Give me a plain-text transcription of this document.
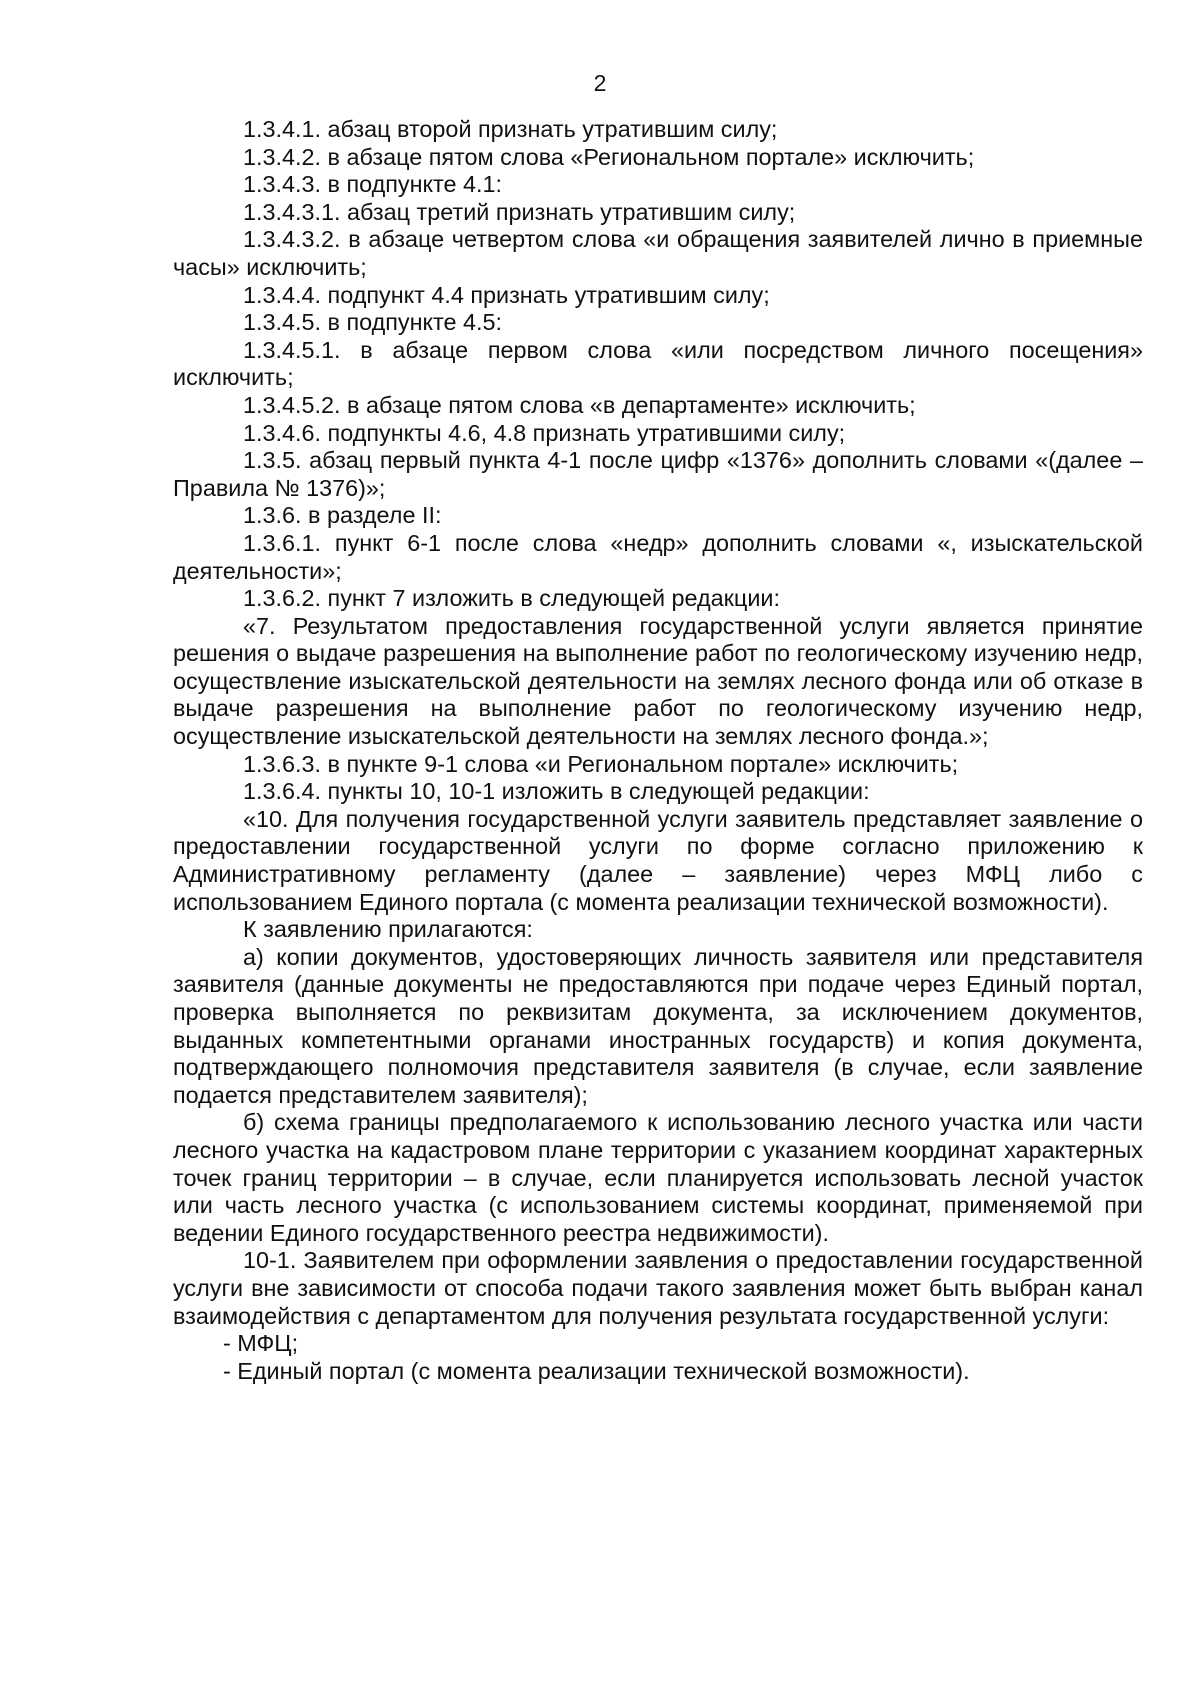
2

1.3.4.1. абзац второй признать утратившим силу;

1.3.4.2. в абзаце пятом слова «Региональном портале» исключить;

1.3.4.3. в подпункте 4.1:

1.3.4.3.1. абзац третий признать утратившим силу;

1.3.4.3.2. в абзаце четвертом слова «и обращения заявителей лично в приемные часы» исключить;

1.3.4.4. подпункт 4.4 признать утратившим силу;

1.3.4.5. в подпункте 4.5:

1.3.4.5.1. в абзаце первом слова «или посредством личного посещения» исключить;

1.3.4.5.2. в абзаце пятом слова «в департаменте» исключить;

1.3.4.6. подпункты 4.6, 4.8 признать утратившими силу;

1.3.5. абзац первый пункта 4-1 после цифр «1376» дополнить словами «(далее – Правила № 1376)»;

1.3.6. в разделе II:

1.3.6.1. пункт 6-1 после слова «недр» дополнить словами «, изыскательской деятельности»;

1.3.6.2. пункт 7 изложить в следующей редакции:

«7. Результатом предоставления государственной услуги является принятие решения о выдаче разрешения на выполнение работ по геологическому изучению недр, осуществление изыскательской деятельности на землях лесного фонда или об отказе в выдаче разрешения на выполнение работ по геологическому изучению недр, осуществление изыскательской деятельности на землях лесного фонда.»;

1.3.6.3. в пункте 9-1 слова «и Региональном портале» исключить;

1.3.6.4. пункты 10, 10-1 изложить в следующей редакции:

«10. Для получения государственной услуги заявитель представляет заявление о предоставлении государственной услуги по форме согласно приложению к Административному регламенту (далее – заявление) через МФЦ либо с использованием Единого портала (с момента реализации технической возможности).

К заявлению прилагаются:

а) копии документов, удостоверяющих личность заявителя или представителя заявителя (данные документы не предоставляются при подаче через Единый портал, проверка выполняется по реквизитам документа, за исключением документов, выданных компетентными органами иностранных государств) и копия документа, подтверждающего полномочия представителя заявителя (в случае, если заявление подается представителем заявителя);

б) схема границы предполагаемого к использованию лесного участка или части лесного участка на кадастровом плане территории с указанием координат характерных точек границ территории – в случае, если планируется использовать лесной участок или часть лесного участка (с использованием системы координат, применяемой при ведении Единого государственного реестра недвижимости).

10-1. Заявителем при оформлении заявления о предоставлении государственной услуги вне зависимости от способа подачи такого заявления может быть выбран канал взаимодействия с департаментом для получения результата государственной услуги:

- МФЦ;

- Единый портал (с момента реализации технической возможности).
